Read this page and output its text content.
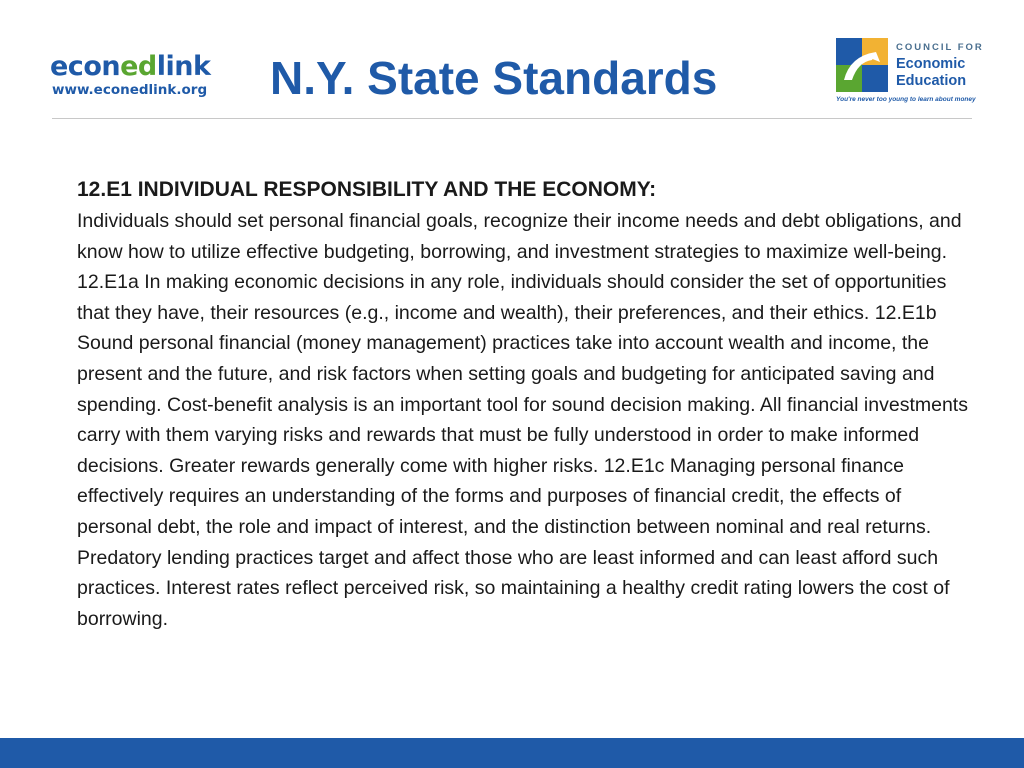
econedlink
www.econedlink.org N.Y. State Standards
COUNCIL FOR
Economic
Education
You're never too young to learn about money

12.E1 INDIVIDUAL RESPONSIBILITY AND THE ECONOMY:

Individuals should set personal financial goals, recognize their income needs and debt obligations, and know how to utilize effective budgeting, borrowing, and investment strategies to maximize well-being. 12.E1a In making economic decisions in any role, individuals should consider the set of opportunities that they have, their resources (e.g., income and wealth), their preferences, and their ethics. 12.E1b Sound personal financial (money management) practices take into account wealth and income, the present and the future, and risk factors when setting goals and budgeting for anticipated saving and spending. Cost-benefit analysis is an important tool for sound decision making. All financial investments carry with them varying risks and rewards that must be fully understood in order to make informed decisions. Greater rewards generally come with higher risks. 12.E1c Managing personal finance effectively requires an understanding of the forms and purposes of financial credit, the effects of personal debt, the role and impact of interest, and the distinction between nominal and real returns. Predatory lending practices target and affect those who are least informed and can least afford such practices. Interest rates reflect perceived risk, so maintaining a healthy credit rating lowers the cost of borrowing.
